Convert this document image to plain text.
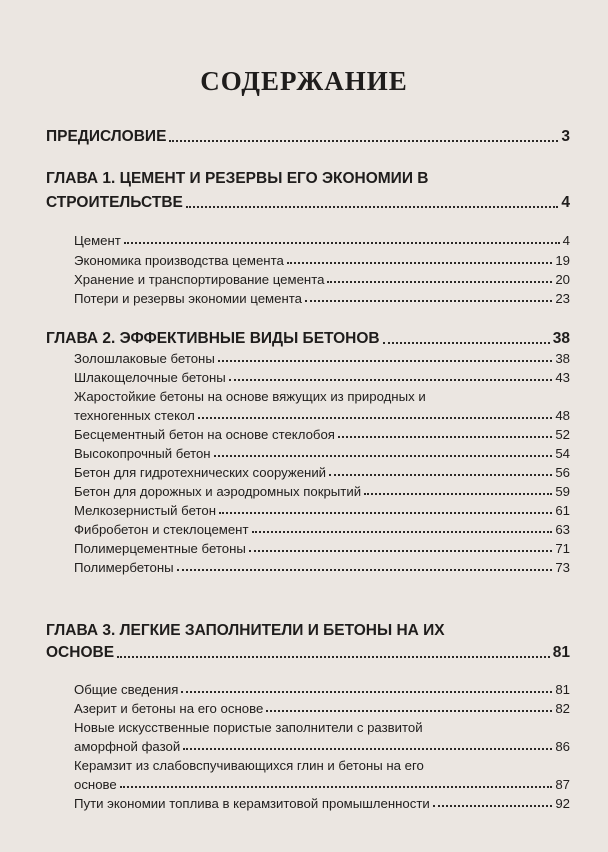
СОДЕРЖАНИЕ
ПРЕДИСЛОВИЕ	3
ГЛАВА 1. ЦЕМЕНТ И РЕЗЕРВЫ ЕГО ЭКОНОМИИ В
СТРОИТЕЛЬСТВЕ	4
Цемент	4
Экономика производства цемента	19
Хранение и транспортирование цемента	20
Потери и резервы экономии цемента	23
ГЛАВА 2. ЭФФЕКТИВНЫЕ ВИДЫ БЕТОНОВ	38
Золошлаковые бетоны	38
Шлакощелочные бетоны	43
Жаростойкие бетоны на основе вяжущих из природных и
техногенных стекол	48
Бесцементный бетон на основе стеклобоя	52
Высокопрочный бетон	54
Бетон для гидротехнических сооружений	56
Бетон для дорожных и аэродромных покрытий	59
Мелкозернистый бетон	61
Фибробетон и стеклоцемент	63
Полимерцементные бетоны	71
Полимербетоны	73
ГЛАВА 3. ЛЕГКИЕ ЗАПОЛНИТЕЛИ И БЕТОНЫ НА ИХ
ОСНОВЕ	81
Общие сведения	81
Азерит и бетоны на его основе	82
Новые искусственные пористые заполнители с развитой
аморфной фазой	86
Керамзит из слабовспучивающихся глин и бетоны на его
основе	87
Пути экономии топлива в керамзитовой промышленности	92
